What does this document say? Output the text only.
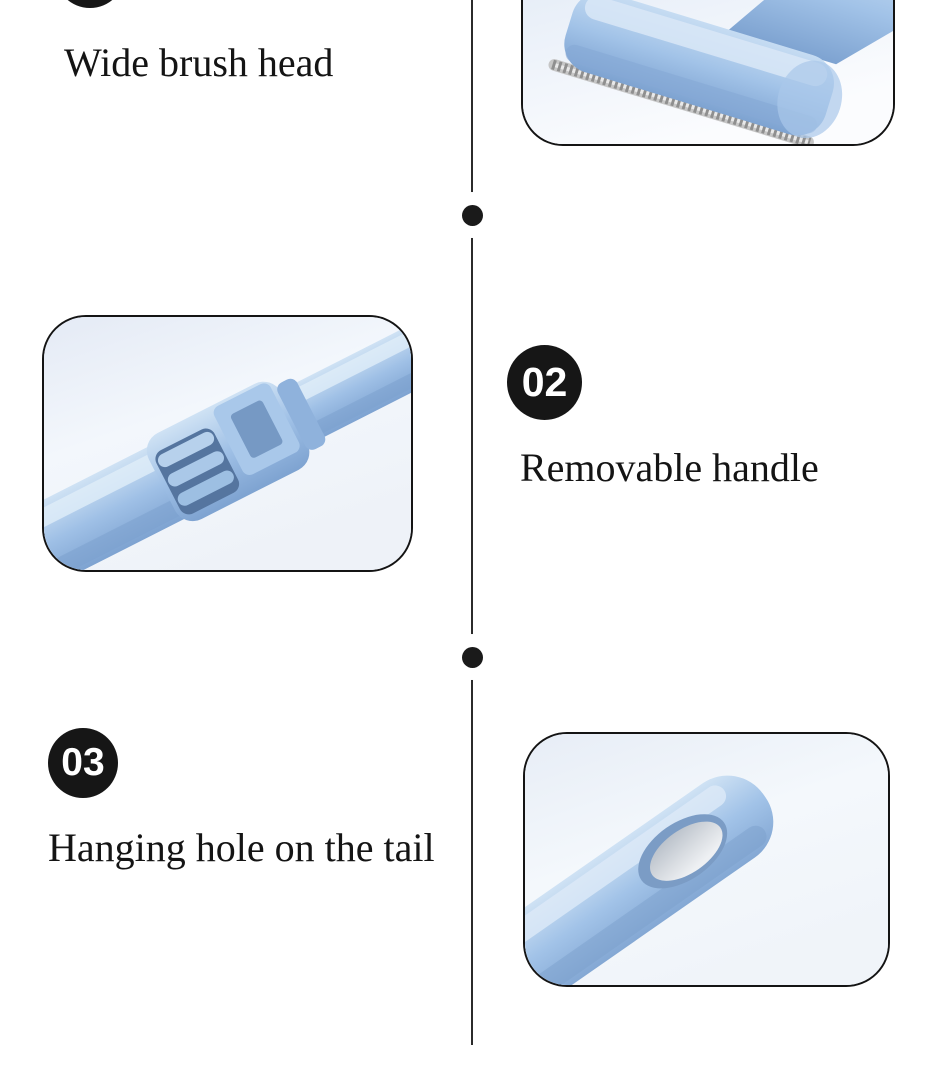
Wide brush head
02
Removable handle
03
Hanging hole on the tail
